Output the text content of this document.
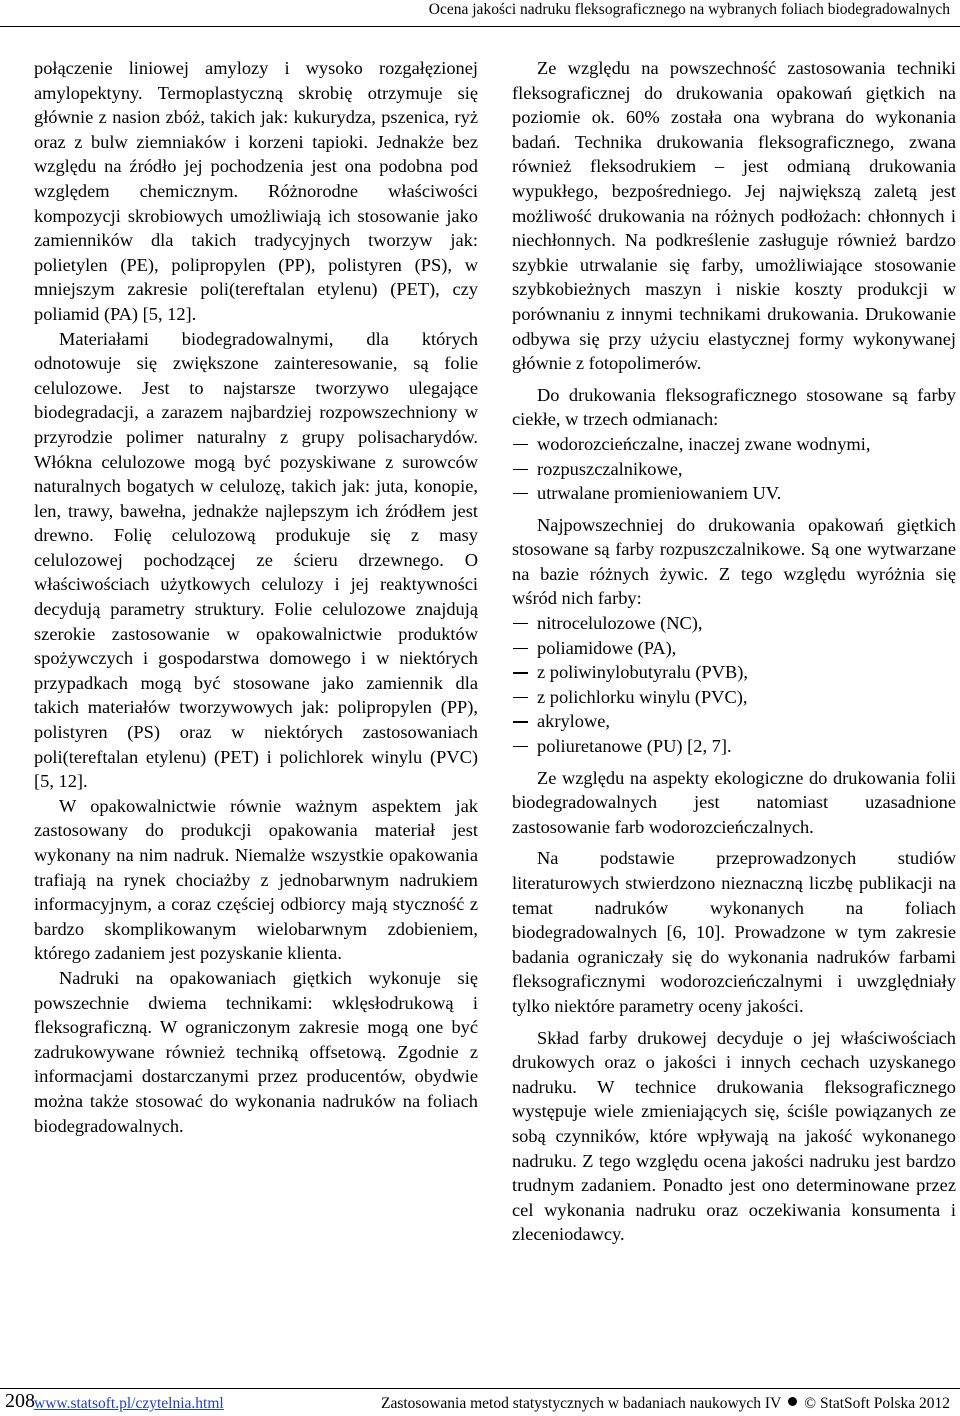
Ocena jakości nadruku fleksograficznego na wybranych foliach biodegradowalnych

połączenie liniowej amylozy i wysoko rozgałęzionej amylopektyny. Termoplastyczną skrobię otrzymuje się głównie z nasion zbóż, takich jak: kukurydza, pszenica, ryż oraz z bulw ziemniaków i korzeni tapioki. Jednakże bez względu na źródło jej pochodzenia jest ona podobna pod względem chemicznym. Różnorodne właściwości kompozycji skrobiowych umożliwiają ich stosowanie jako zamienników dla takich tradycyjnych tworzyw jak: polietylen (PE), polipropylen (PP), polistyren (PS), w mniejszym zakresie poli(tereftalan etylenu) (PET), czy poliamid (PA) [5, 12].

Materiałami biodegradowalnymi, dla których odnotowuje się zwiększone zainteresowanie, są folie celulozowe. Jest to najstarsze tworzywo ulegające biodegradacji, a zarazem najbardziej rozpowszechniony w przyrodzie polimer naturalny z grupy polisacharydów. Włókna celulozowe mogą być pozyskiwane z surowców naturalnych bogatych w celulozę, takich jak: juta, konopie, len, trawy, bawełna, jednakże najlepszym ich źródłem jest drewno. Folię celulozową produkuje się z masy celulozowej pochodzącej ze ścieru drzewnego. O właściwościach użytkowych celulozy i jej reaktywności decydują parametry struktury. Folie celulozowe znajdują szerokie zastosowanie w opakowalnictwie produktów spożywczych i gospodarstwa domowego i w niektórych przypadkach mogą być stosowane jako zamiennik dla takich materiałów tworzywowych jak: polipropylen (PP), polistyren (PS) oraz w niektórych zastosowaniach poli(tereftalan etylenu) (PET) i polichlorek winylu (PVC) [5, 12].

W opakowalnictwie równie ważnym aspektem jak zastosowany do produkcji opakowania materiał jest wykonany na nim nadruk. Niemalże wszystkie opakowania trafiają na rynek chociażby z jednobarwnym nadrukiem informacyjnym, a coraz częściej odbiorcy mają styczność z bardzo skomplikowanym wielobarwnym zdobieniem, którego zadaniem jest pozyskanie klienta.

Nadruki na opakowaniach giętkich wykonuje się powszechnie dwiema technikami: wklęsłodrukową i fleksograficzną. W ograniczonym zakresie mogą one być zadrukowywane również techniką offsetową. Zgodnie z informacjami dostarczanymi przez producentów, obydwie można także stosować do wykonania nadruków na foliach biodegradowalnych.

Ze względu na powszechność zastosowania techniki fleksograficznej do drukowania opakowań giętkich na poziomie ok. 60% została ona wybrana do wykonania badań. Technika drukowania fleksograficznego, zwana również fleksodrukiem – jest odmianą drukowania wypukłego, bezpośredniego. Jej największą zaletą jest możliwość drukowania na różnych podłożach: chłonnych i niechłonnych. Na podkreślenie zasługuje również bardzo szybkie utrwalanie się farby, umożliwiające stosowanie szybkobieżnych maszyn i niskie koszty produkcji w porównaniu z innymi technikami drukowania. Drukowanie odbywa się przy użyciu elastycznej formy wykonywanej głównie z fotopolimerów.

Do drukowania fleksograficznego stosowane są farby ciekłe, w trzech odmianach:

wodorozcieńczalne, inaczej zwane wodnymi,
rozpuszczalnikowe,
utrwalane promieniowaniem UV.

Najpowszechniej do drukowania opakowań giętkich stosowane są farby rozpuszczalnikowe. Są one wytwarzane na bazie różnych żywic. Z tego względu wyróżnia się wśród nich farby:

nitrocelulozowe (NC),
poliamidowe (PA),
z poliwinylobutyralu (PVB),
z polichlorku winylu (PVC),
akrylowe,
poliuretanowe (PU) [2, 7].

Ze względu na aspekty ekologiczne do drukowania folii biodegradowalnych jest natomiast uzasadnione zastosowanie farb wodorozcieńczalnych.

Na podstawie przeprowadzonych studiów literaturowych stwierdzono nieznaczną liczbę publikacji na temat nadruków wykonanych na foliach biodegradowalnych [6, 10]. Prowadzone w tym zakresie badania ograniczały się do wykonania nadruków farbami fleksograficznymi wodorozcieńczalnymi i uwzględniały tylko niektóre parametry oceny jakości.

Skład farby drukowej decyduje o jej właściwościach drukowych oraz o jakości i innych cechach uzyskanego nadruku. W technice drukowania fleksograficznego występuje wiele zmieniających się, ściśle powiązanych ze sobą czynników, które wpływają na jakość wykonanego nadruku. Z tego względu ocena jakości nadruku jest bardzo trudnym zadaniem. Ponadto jest ono determinowane przez cel wykonania nadruku oraz oczekiwania konsumenta i zleceniodawcy.

208 www.statsoft.pl/czytelnia.html	Zastosowania metod statystycznych w badaniach naukowych IV © StatSoft Polska 2012
